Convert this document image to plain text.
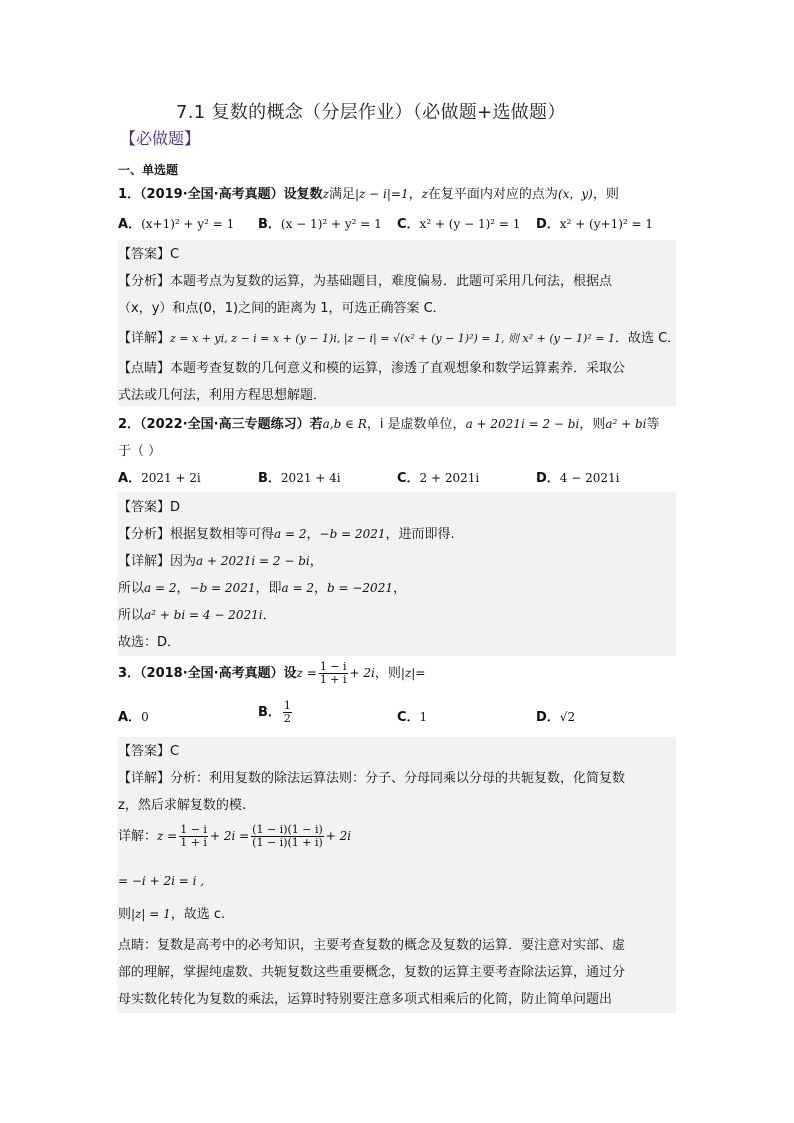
7.1 复数的概念（分层作业）（必做题+选做题）
【必做题】
一、单选题
1．（2019·全国·高考真题）设复数z满足|z − i|=1，z在复平面内对应的点为(x，y)，则
A．(x+1)² + y² = 1 B．(x − 1)² + y² = 1 C．x² + (y − 1)² = 1 D．x² + (y+1)² = 1
【答案】C
【分析】本题考点为复数的运算，为基础题目，难度偏易．此题可采用几何法，根据点
（x，y）和点(0，1)之间的距离为 1，可选正确答案 C．
【详解】z = x + yi, z − i = x + (y − 1)i, |z − i| = √(x² + (y − 1)²) = 1, 则 x² + (y − 1)² = 1．故选 C．
【点睛】本题考查复数的几何意义和模的运算，渗透了直观想象和数学运算素养．采取公
式法或几何法，利用方程思想解题．
2．（2022·全国·高三专题练习）若a,b ∈ R，i 是虚数单位，a + 2021i = 2 − bi，则a² + bi等
于（ ）
A．2021 + 2i	B．2021 + 4i	C．2 + 2021i	D．4 − 2021i
【答案】D
【分析】根据复数相等可得a = 2，−b = 2021，进而即得.
【详解】因为a + 2021i = 2 − bi，
所以a = 2，−b = 2021，即a = 2，b = −2021，
所以a² + bi = 4 − 2021i．
故选：D．
3．（2018·全国·高考真题）设$z = \frac{1 - i}{1 + i} + 2i$，则|z|=
A．0	B． $\frac{1}{2}$	C．1	D．√2
【答案】C
【详解】分析：利用复数的除法运算法则：分子、分母同乘以分母的共轭复数，化简复数
z，然后求解复数的模.
详解：$z = \frac{1 - i}{1 + i} + 2i = \frac{(1 - i)(1 - i)}{(1 - i)(1 + i)} + 2i$
= −i + 2i = i ,
则|z| = 1，故选 c.
点睛：复数是高考中的必考知识，主要考查复数的概念及复数的运算．要注意对实部、虚
部的理解，掌握纯虚数、共轭复数这些重要概念，复数的运算主要考查除法运算，通过分
母实数化转化为复数的乘法，运算时特别要注意多项式相乘后的化简，防止简单问题出
